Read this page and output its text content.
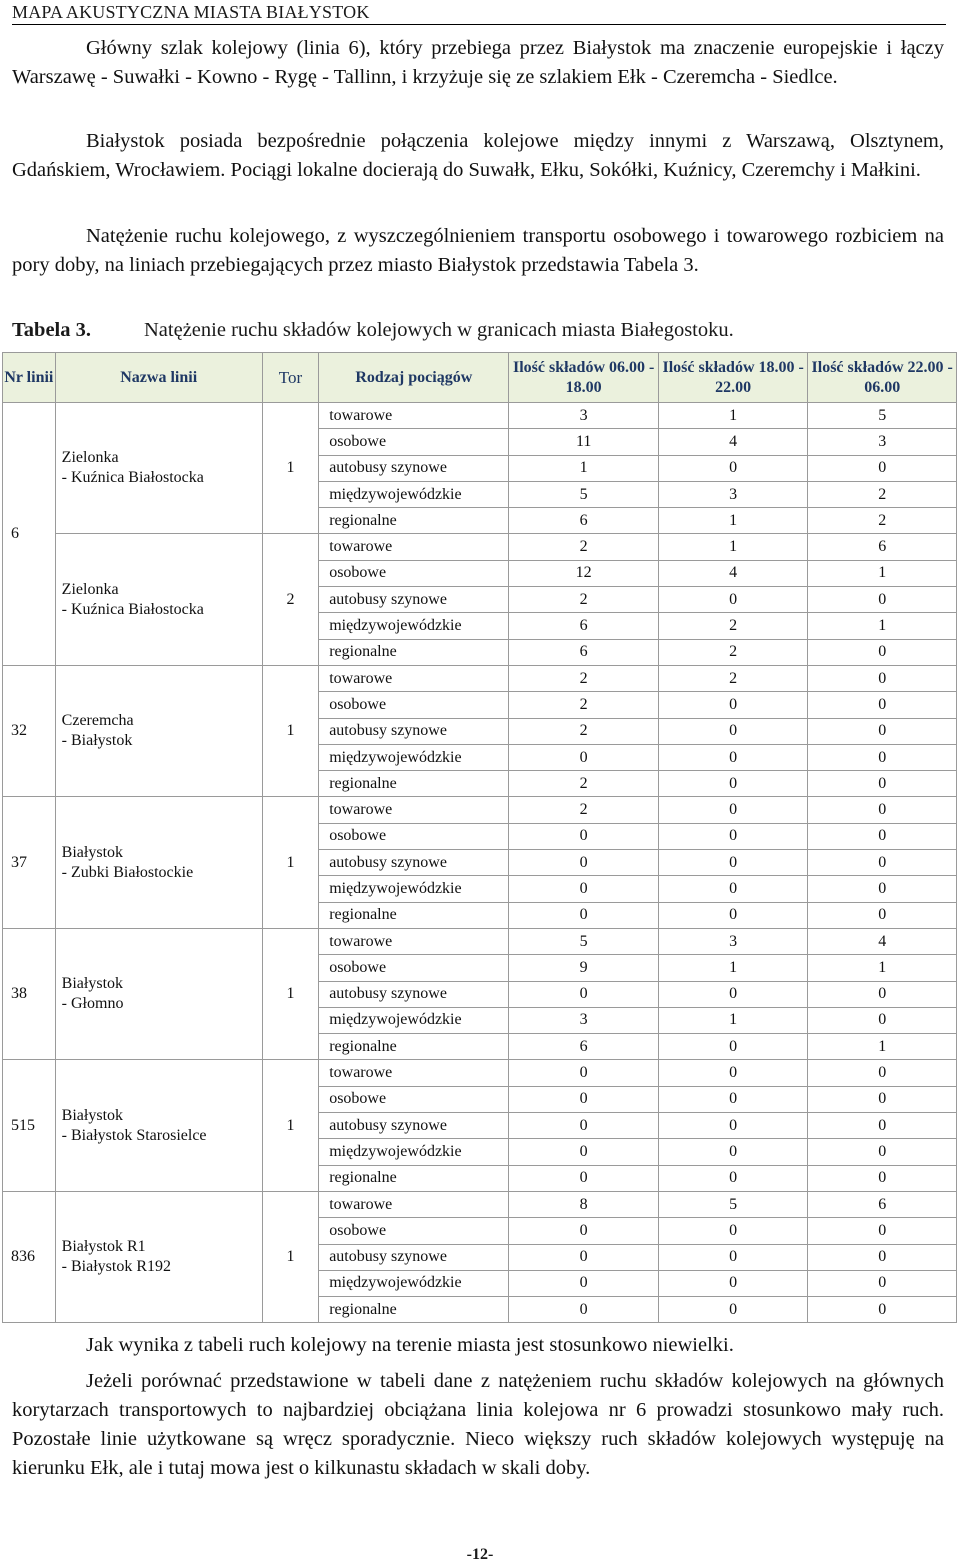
MAPA AKUSTYCZNA MIASTA BIAŁYSTOK
Główny szlak kolejowy (linia 6), który przebiega przez Białystok ma znaczenie europejskie i łączy Warszawę - Suwałki - Kowno - Rygę - Tallinn, i krzyżuje się ze szlakiem Ełk - Czeremcha - Siedlce.
Białystok posiada bezpośrednie połączenia kolejowe między innymi z Warszawą, Olsztynem, Gdańskiem, Wrocławiem. Pociągi lokalne docierają do Suwałk, Ełku, Sokółki, Kuźnicy, Czeremchy i Małkini.
Natężenie ruchu kolejowego, z wyszczególnieniem transportu osobowego i towarowego rozbiciem na pory doby, na liniach przebiegających przez miasto Białystok przedstawia Tabela 3.
Tabela 3.	Natężenie ruchu składów kolejowych w granicach miasta Białegostoku.
Nr linii	Nazwa linii	Tor	Rodzaj pociągów	Ilość składów 06.00 - 18.00	Ilość składów 18.00 - 22.00	Ilość składów 22.00 - 06.00
6	Zielonka
- Kuźnica Białostocka	1	towarowe	3	1	5
			osobowe	11	4	3
			autobusy szynowe	1	0	0
			międzywojewódzkie	5	3	2
			regionalne	6	1	2
	Zielonka
- Kuźnica Białostocka	2	towarowe	2	1	6
			osobowe	12	4	1
			autobusy szynowe	2	0	0
			międzywojewódzkie	6	2	1
			regionalne	6	2	0
32	Czeremcha
- Białystok	1	towarowe	2	2	0
			osobowe	2	0	0
			autobusy szynowe	2	0	0
			międzywojewódzkie	0	0	0
			regionalne	2	0	0
37	Białystok
- Zubki Białostockie	1	towarowe	2	0	0
			osobowe	0	0	0
			autobusy szynowe	0	0	0
			międzywojewódzkie	0	0	0
			regionalne	0	0	0
38	Białystok
- Głomno	1	towarowe	5	3	4
			osobowe	9	1	1
			autobusy szynowe	0	0	0
			międzywojewódzkie	3	1	0
			regionalne	6	0	1
515	Białystok
- Białystok Starosielce	1	towarowe	0	0	0
			osobowe	0	0	0
			autobusy szynowe	0	0	0
			międzywojewódzkie	0	0	0
			regionalne	0	0	0
836	Białystok R1
- Białystok R192	1	towarowe	8	5	6
			osobowe	0	0	0
			autobusy szynowe	0	0	0
			międzywojewódzkie	0	0	0
			regionalne	0	0	0
Jak wynika z tabeli ruch kolejowy na terenie miasta jest stosunkowo niewielki.
Jeżeli porównać przedstawione w tabeli dane z natężeniem ruchu składów kolejowych na głównych korytarzach transportowych to najbardziej obciążana linia kolejowa nr 6 prowadzi stosunkowo mały ruch. Pozostałe linie użytkowane są wręcz sporadycznie. Nieco większy ruch składów kolejowych występuję na kierunku Ełk, ale i tutaj mowa jest o kilkunastu składach w skali doby.
-12-
